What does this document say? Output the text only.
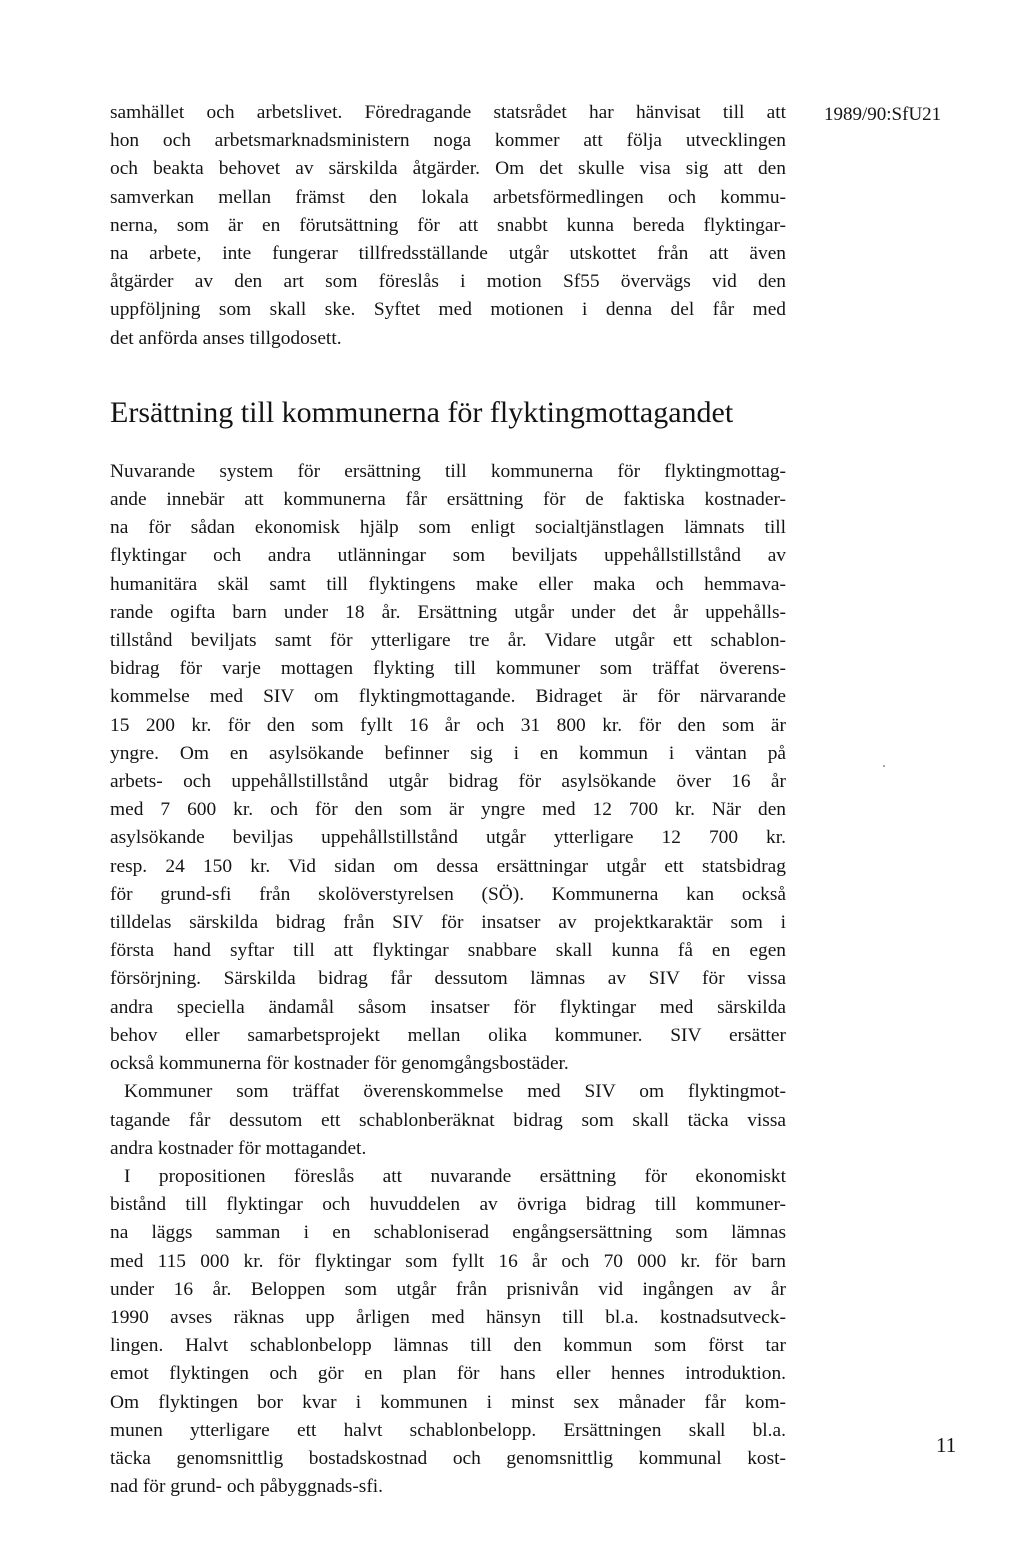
1989/90:SfU21
samhället och arbetslivet. Föredragande statsrådet har hänvisat till att
hon och arbetsmarknadsministern noga kommer att följa utvecklingen
och beakta behovet av särskilda åtgärder. Om det skulle visa sig att den
samverkan mellan främst den lokala arbetsförmedlingen och kommu-
nerna, som är en förutsättning för att snabbt kunna bereda flyktingar-
na arbete, inte fungerar tillfredsställande utgår utskottet från att även
åtgärder av den art som föreslås i motion Sf55 övervägs vid den
uppföljning som skall ske. Syftet med motionen i denna del får med
det anförda anses tillgodosett.
Ersättning till kommunerna för flyktingmottagandet
Nuvarande system för ersättning till kommunerna för flyktingmottag-
ande innebär att kommunerna får ersättning för de faktiska kostnader-
na för sådan ekonomisk hjälp som enligt socialtjänstlagen lämnats till
flyktingar och andra utlänningar som beviljats uppehållstillstånd av
humanitära skäl samt till flyktingens make eller maka och hemmava-
rande ogifta barn under 18 år. Ersättning utgår under det år uppehålls-
tillstånd beviljats samt för ytterligare tre år. Vidare utgår ett schablon-
bidrag för varje mottagen flykting till kommuner som träffat överens-
kommelse med SIV om flyktingmottagande. Bidraget är för närvarande
15 200 kr. för den som fyllt 16 år och 31 800 kr. för den som är
yngre. Om en asylsökande befinner sig i en kommun i väntan på
arbets- och uppehållstillstånd utgår bidrag för asylsökande över 16 år
med 7 600 kr. och för den som är yngre med 12 700 kr. När den
asylsökande beviljas uppehållstillstånd utgår ytterligare 12 700 kr.
resp. 24 150 kr. Vid sidan om dessa ersättningar utgår ett statsbidrag
för grund-sfi från skolöverstyrelsen (SÖ). Kommunerna kan också
tilldelas särskilda bidrag från SIV för insatser av projektkaraktär som i
första hand syftar till att flyktingar snabbare skall kunna få en egen
försörjning. Särskilda bidrag får dessutom lämnas av SIV för vissa
andra speciella ändamål såsom insatser för flyktingar med särskilda
behov eller samarbetsprojekt mellan olika kommuner. SIV ersätter
också kommunerna för kostnader för genomgångsbostäder.
Kommuner som träffat överenskommelse med SIV om flyktingmot-
tagande får dessutom ett schablonberäknat bidrag som skall täcka vissa
andra kostnader för mottagandet.
I propositionen föreslås att nuvarande ersättning för ekonomiskt
bistånd till flyktingar och huvuddelen av övriga bidrag till kommuner-
na läggs samman i en schabloniserad engångsersättning som lämnas
med 115 000 kr. för flyktingar som fyllt 16 år och 70 000 kr. för barn
under 16 år. Beloppen som utgår från prisnivån vid ingången av år
1990 avses räknas upp årligen med hänsyn till bl.a. kostnadsutveck-
lingen. Halvt schablonbelopp lämnas till den kommun som först tar
emot flyktingen och gör en plan för hans eller hennes introduktion.
Om flyktingen bor kvar i kommunen i minst sex månader får kom-
munen ytterligare ett halvt schablonbelopp. Ersättningen skall bl.a.
täcka genomsnittlig bostadskostnad och genomsnittlig kommunal kost-
nad för grund- och påbyggnads-sfi.
11
